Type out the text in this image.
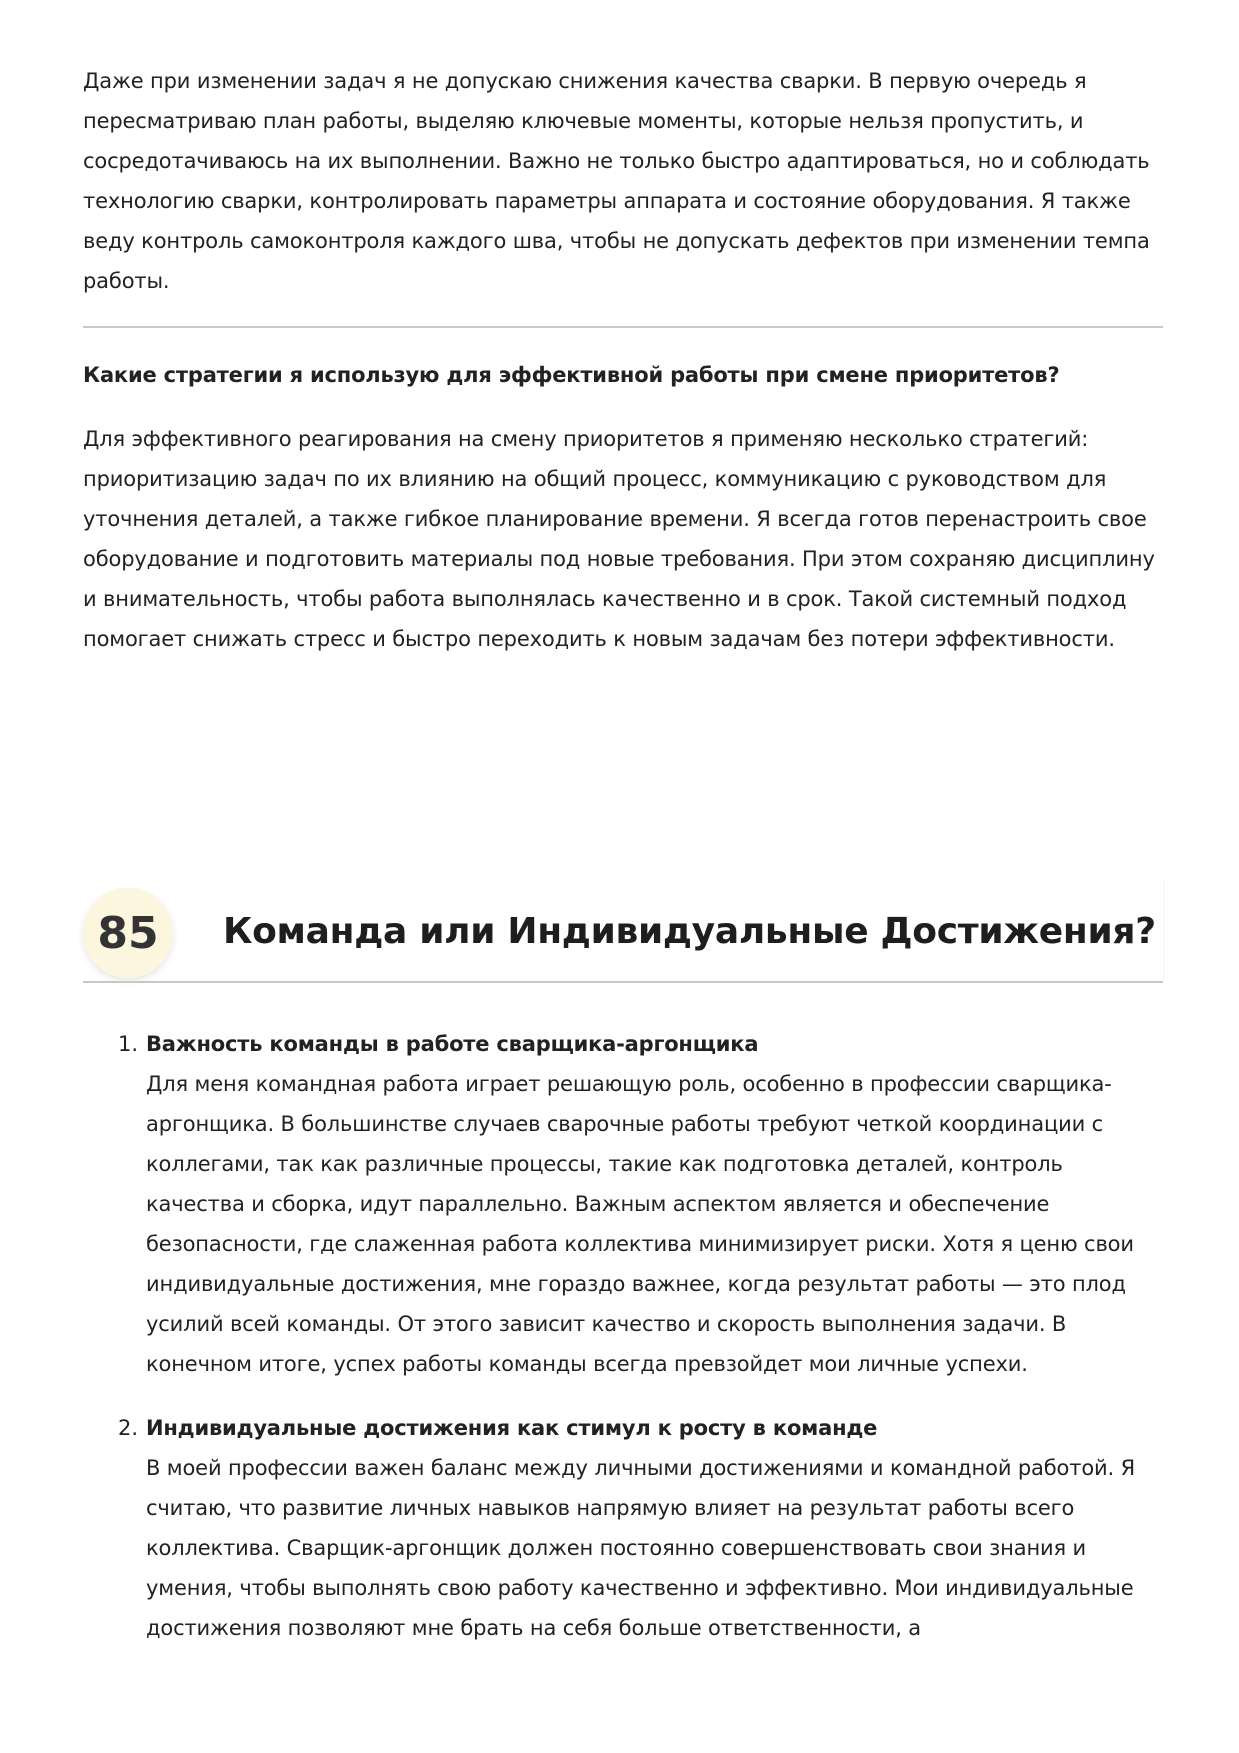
Даже при изменении задач я не допускаю снижения качества сварки. В первую очередь я пересматриваю план работы, выделяю ключевые моменты, которые нельзя пропустить, и сосредотачиваюсь на их выполнении. Важно не только быстро адаптироваться, но и соблюдать технологию сварки, контролировать параметры аппарата и состояние оборудования. Я также веду контроль самоконтроля каждого шва, чтобы не допускать дефектов при изменении темпа работы.

Какие стратегии я использую для эффективной работы при смене приоритетов?

Для эффективного реагирования на смену приоритетов я применяю несколько стратегий: приоритизацию задач по их влиянию на общий процесс, коммуникацию с руководством для уточнения деталей, а также гибкое планирование времени. Я всегда готов перенастроить свое оборудование и подготовить материалы под новые требования. При этом сохраняю дисциплину и внимательность, чтобы работа выполнялась качественно и в срок. Такой системный подход помогает снижать стресс и быстро переходить к новым задачам без потери эффективности.

85	Команда или Индивидуальные Достижения?
1. Важность команды в работе сварщика-аргонщика

Для меня командная работа играет решающую роль, особенно в профессии сварщика-аргонщика. В большинстве случаев сварочные работы требуют четкой координации с коллегами, так как различные процессы, такие как подготовка деталей, контроль качества и сборка, идут параллельно. Важным аспектом является и обеспечение безопасности, где слаженная работа коллектива минимизирует риски. Хотя я ценю свои индивидуальные достижения, мне гораздо важнее, когда результат работы — это плод усилий всей команды. От этого зависит качество и скорость выполнения задачи. В конечном итоге, успех работы команды всегда превзойдет мои личные успехи.

2. Индивидуальные достижения как стимул к росту в команде

В моей профессии важен баланс между личными достижениями и командной работой. Я считаю, что развитие личных навыков напрямую влияет на результат работы всего коллектива. Сварщик-аргонщик должен постоянно совершенствовать свои знания и умения, чтобы выполнять свою работу качественно и эффективно. Мои индивидуальные достижения позволяют мне брать на себя больше ответственности, а
